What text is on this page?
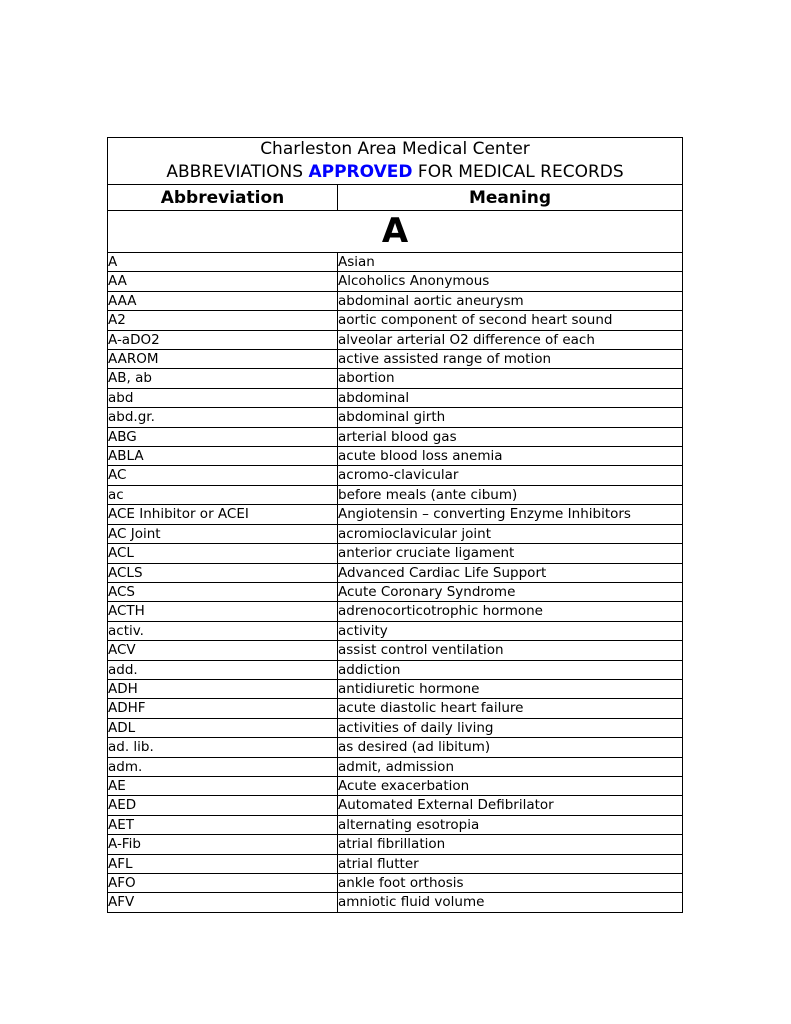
Charleston Area Medical Center
ABBREVIATIONS APPROVED FOR MEDICAL RECORDS	

Abbreviation	Meaning
A	
A	Asian
AA	Alcoholics Anonymous
AAA	abdominal aortic aneurysm
A2	aortic component of second heart sound
A-aDO2	alveolar arterial O2 difference of each
AAROM	active assisted range of motion
AB, ab	abortion
abd	abdominal
abd.gr.	abdominal girth
ABG	arterial blood gas
ABLA	acute blood loss anemia
AC	acromo-clavicular
ac	before meals (ante cibum)
ACE Inhibitor or ACEI	Angiotensin – converting Enzyme Inhibitors
AC Joint	acromioclavicular joint
ACL	anterior cruciate ligament
ACLS	Advanced Cardiac Life Support
ACS	Acute Coronary Syndrome
ACTH	adrenocorticotrophic hormone
activ.	activity
ACV	assist control ventilation
add.	addiction
ADH	antidiuretic hormone
ADHF	acute diastolic heart failure
ADL	activities of daily living
ad. lib.	as desired (ad libitum)
adm.	admit, admission
AE	Acute exacerbation
AED	Automated External Defibrilator
AET	alternating esotropia
A-Fib	atrial fibrillation
AFL	atrial flutter
AFO	ankle foot orthosis
AFV	amniotic fluid volume
